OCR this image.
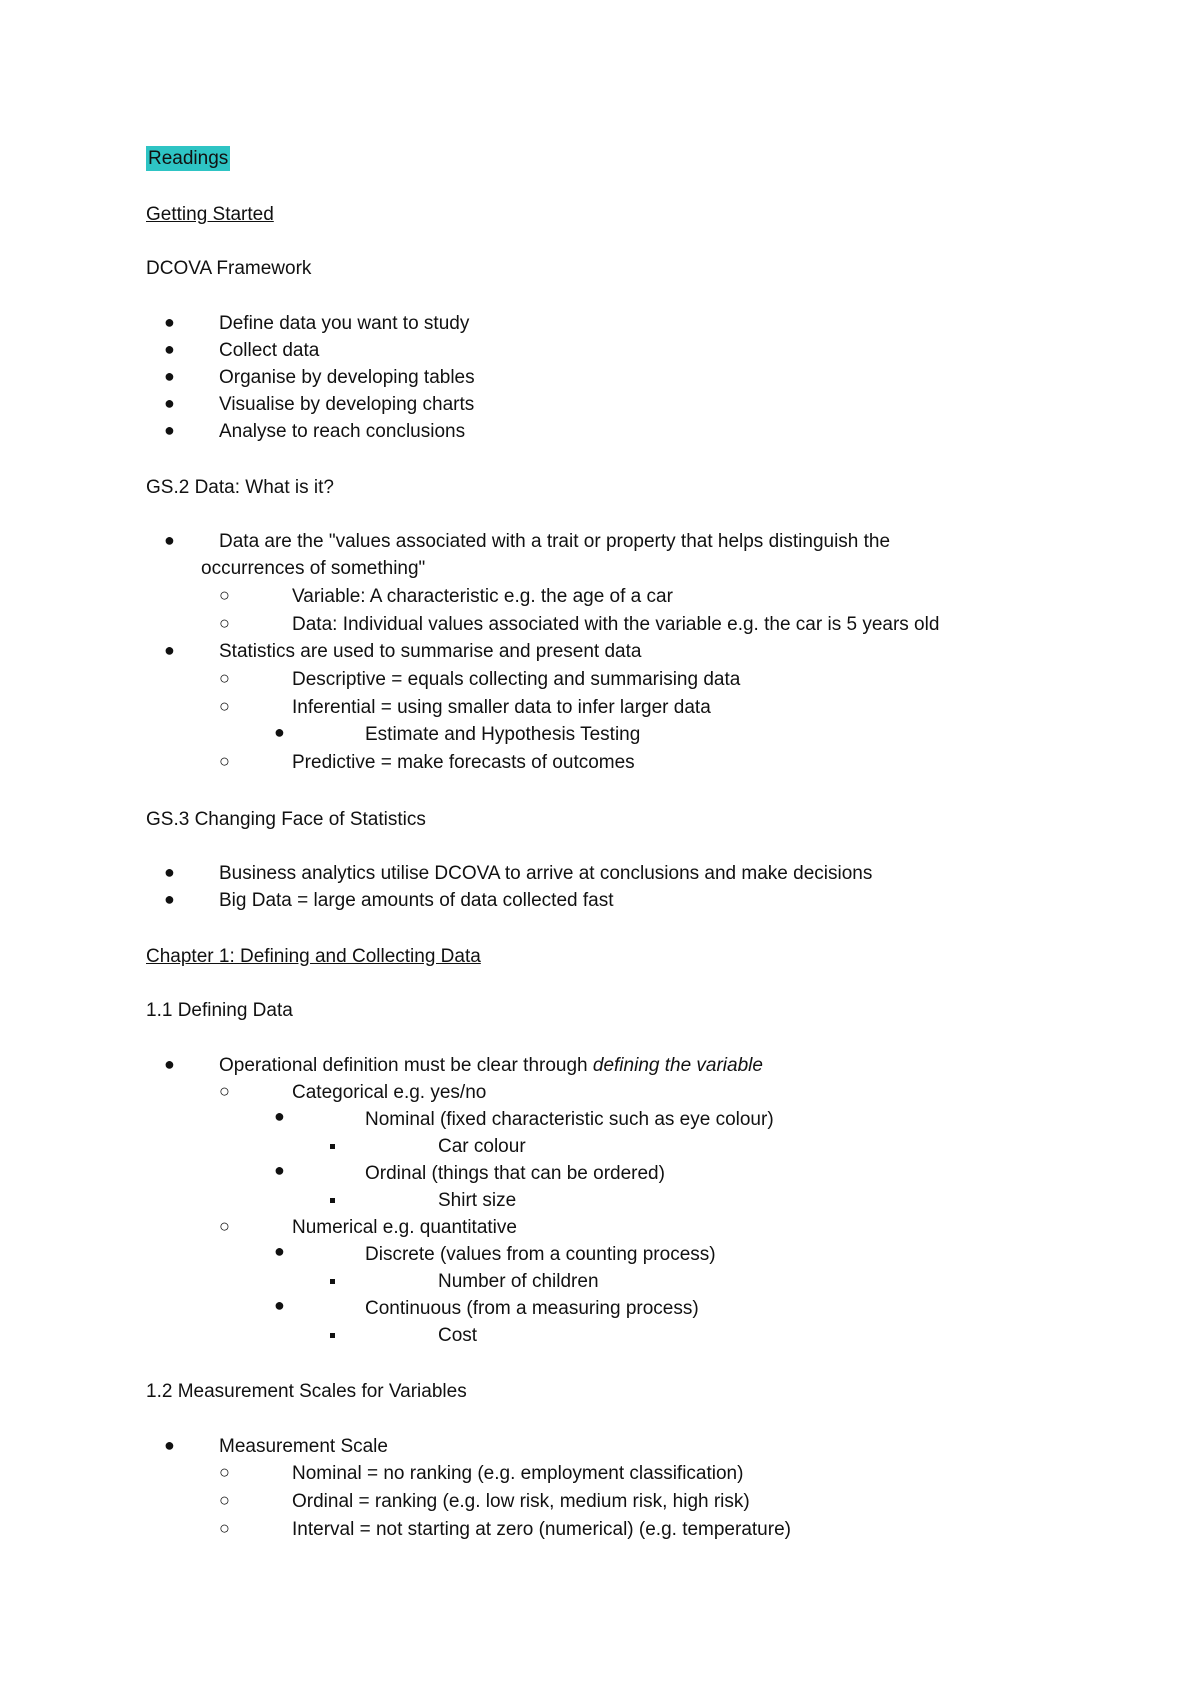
Readings
Getting Started
DCOVA Framework
● Define data you want to study
● Collect data
● Organise by developing tables
● Visualise by developing charts
● Analyse to reach conclusions
GS.2 Data: What is it?
● Data are the "values associated with a trait or property that helps distinguish the
occurrences of something"
○	Variable: A characteristic e.g. the age of a car
○	Data: Individual values associated with the variable e.g. the car is 5 years old
● Statistics are used to summarise and present data
○	Descriptive = equals collecting and summarising data
○	Inferential = using smaller data to infer larger data
●	Estimate and Hypothesis Testing
○	Predictive = make forecasts of outcomes
GS.3 Changing Face of Statistics
● Business analytics utilise DCOVA to arrive at conclusions and make decisions
● Big Data = large amounts of data collected fast
Chapter 1: Defining and Collecting Data
1.1 Defining Data
● Operational definition must be clear through defining the variable
○	Categorical e.g. yes/no
●	Nominal (fixed characteristic such as eye colour)
Car colour
●	Ordinal (things that can be ordered)
Shirt size
○	Numerical e.g. quantitative
●	Discrete (values from a counting process)
Number of children
●	Continuous (from a measuring process)
Cost
1.2 Measurement Scales for Variables
● Measurement Scale
○	Nominal = no ranking (e.g. employment classification)
○	Ordinal = ranking (e.g. low risk, medium risk, high risk)
○	Interval = not starting at zero (numerical) (e.g. temperature)
